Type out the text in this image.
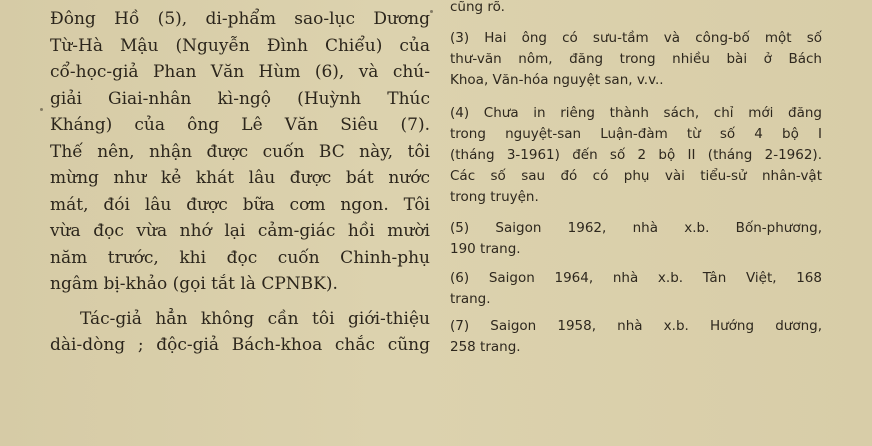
Đông Hồ (5), di-phẩm sao-lục Dương
Từ-Hà Mậu (Nguyễn Đình Chiểu) của
cổ-học-giả Phan Văn Hùm (6), và chú-
giải Giai-nhân kì-ngộ (Huỳnh Thúc
Kháng) của ông Lê Văn Siêu (7).
Thế nên, nhận được cuốn BC này, tôi
mừng như kẻ khát lâu được bát nước
mát, đói lâu được bữa cơm ngon. Tôi
vừa đọc vừa nhớ lại cảm-giác hồi mười
năm trước, khi đọc cuốn Chinh-phụ
ngâm bị-khảo (gọi tắt là CPNBK).
Tác-giả hẳn không cần tôi giới-thiệu
dài-dòng ; độc-giả Bách-khoa chắc cũng
cũng rõ.
(3) Hai ông có sưu-tầm và công-bố một số
thư-văn nôm, đăng trong nhiều bài ở Bách
Khoa, Văn-hóa nguyệt san, v.v..
(4) Chưa in riêng thành sách, chỉ mới đăng
trong nguyệt-san Luận-đàm từ số 4 bộ I
(tháng 3-1961) đến số 2 bộ II (tháng 2-1962).
Các số sau đó có phụ vài tiểu-sử nhân-vật
trong truyện.
(5) Saigon 1962, nhà x.b. Bốn-phương,
190 trang.
(6) Saigon 1964, nhà x.b. Tân Việt, 168
trang.
(7) Saigon 1958, nhà x.b. Hướng dương,
258 trang.
